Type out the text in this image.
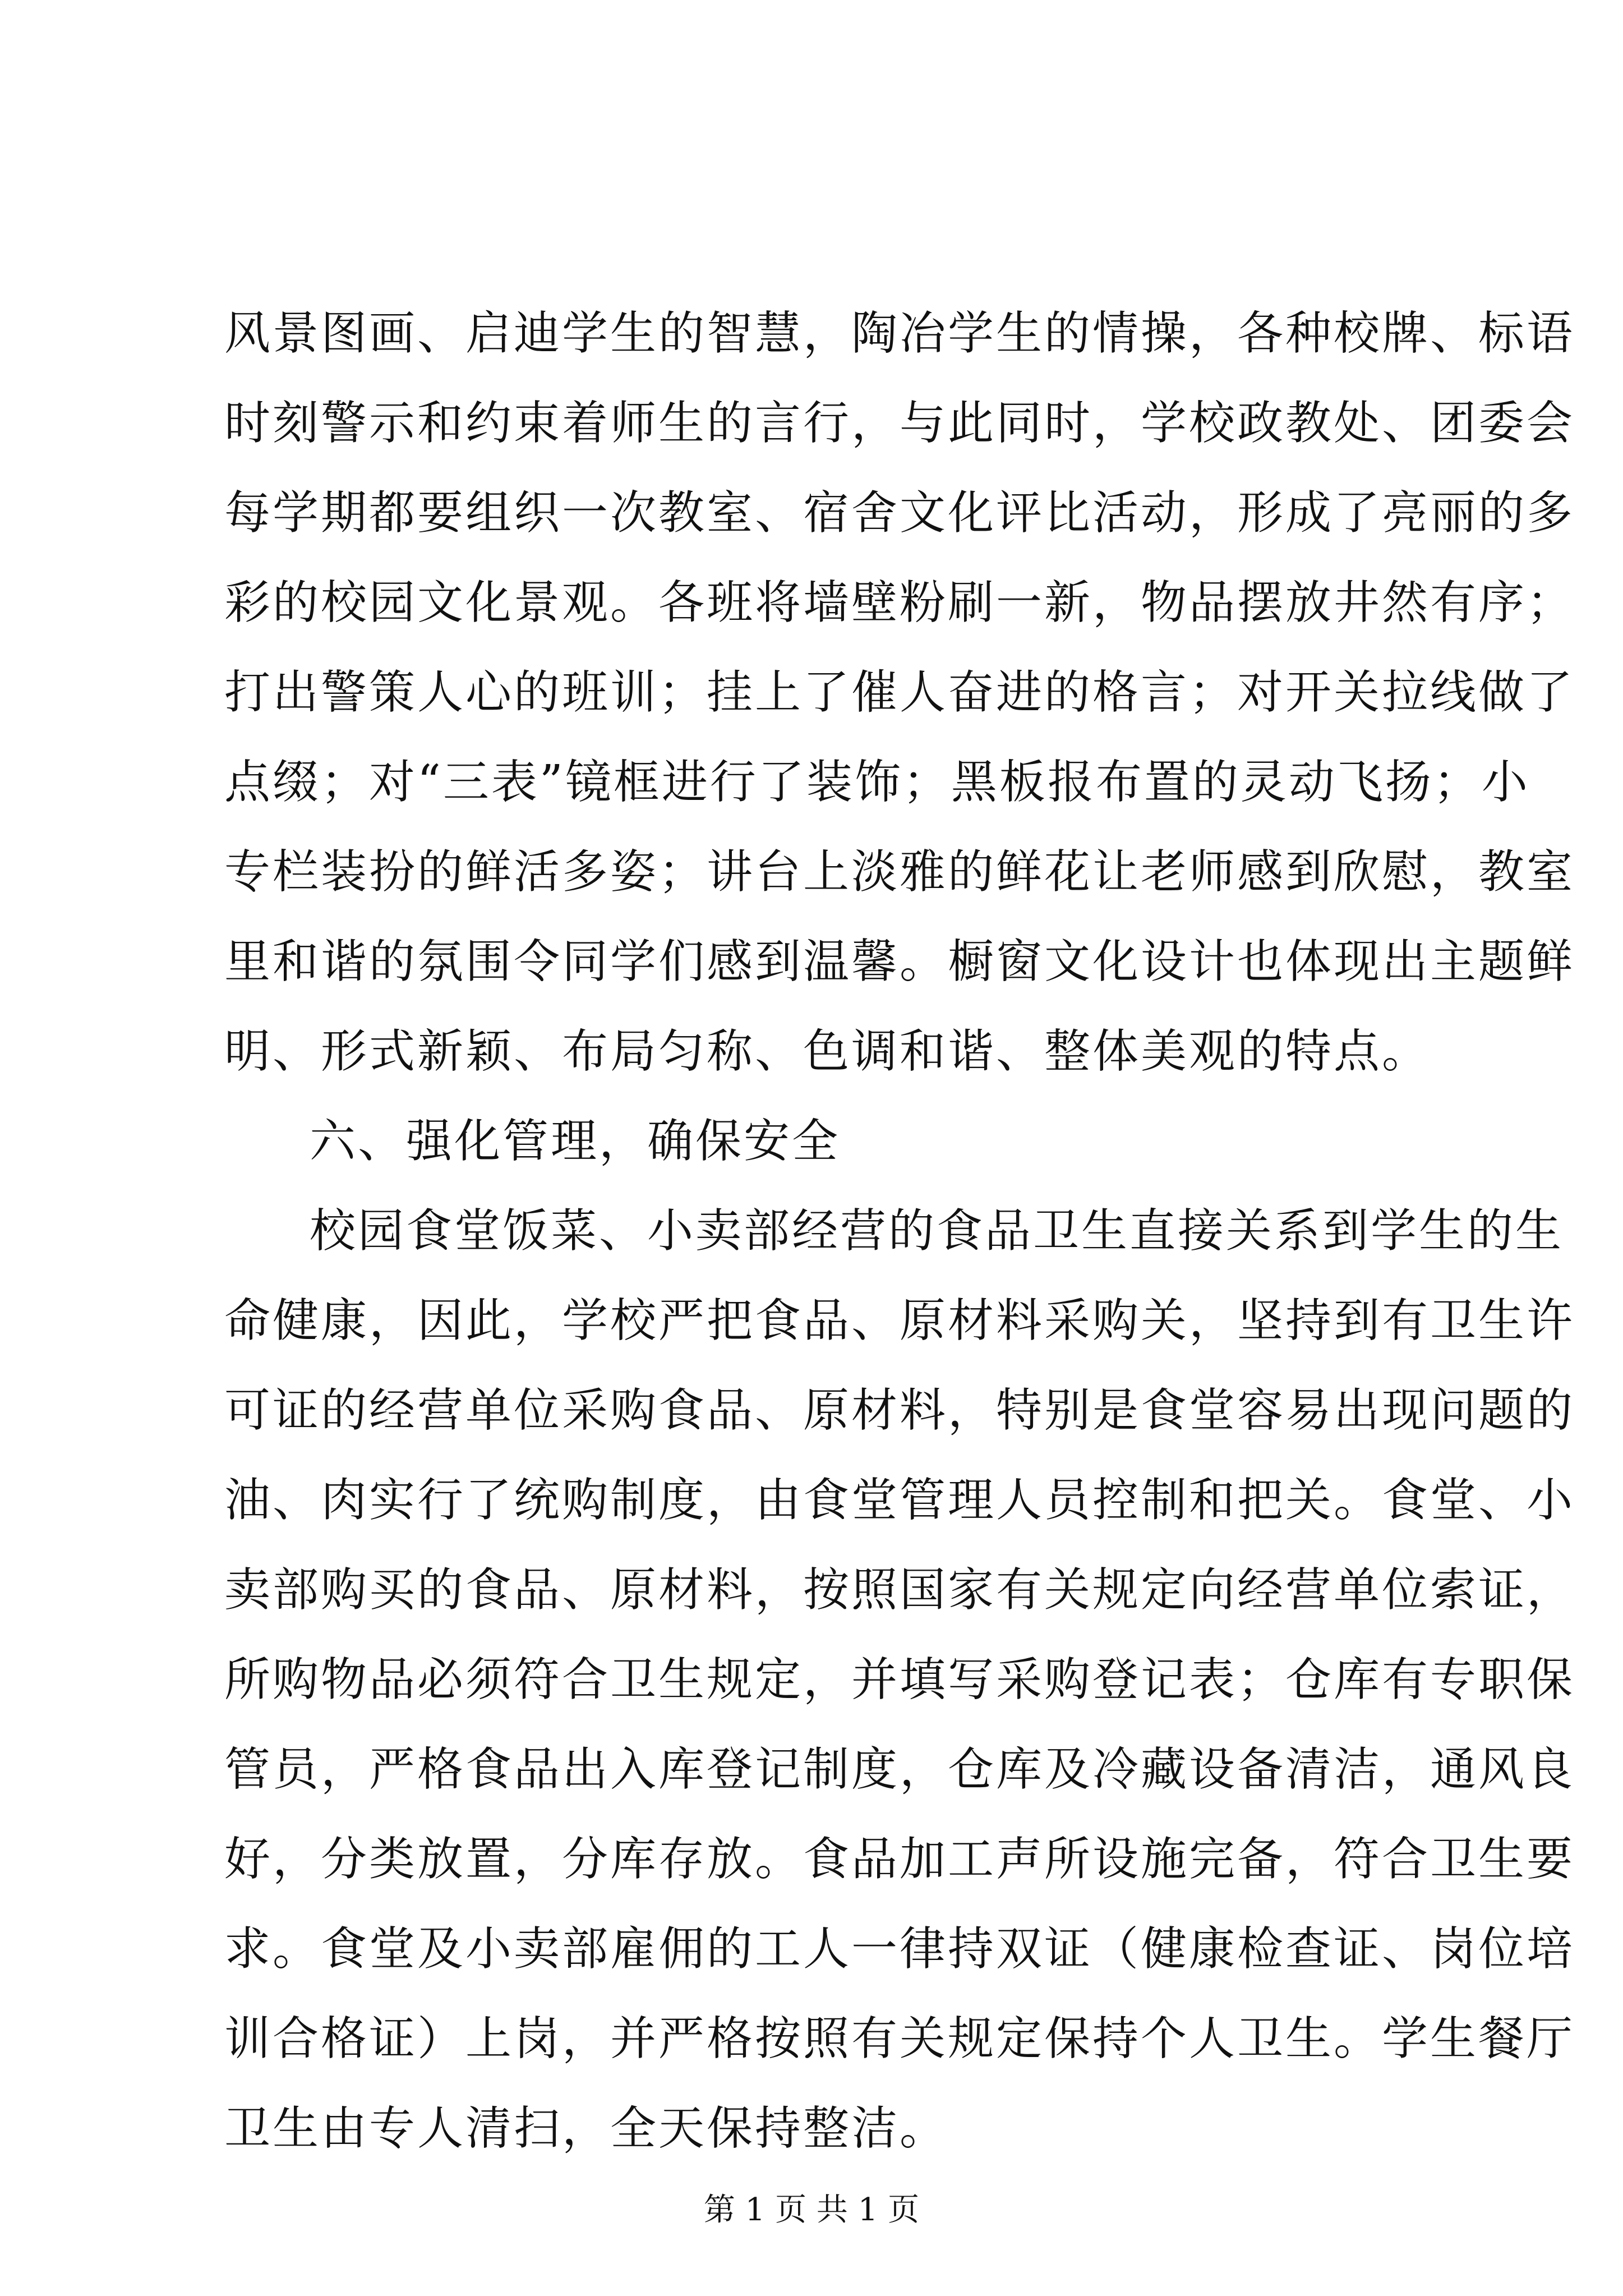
风景图画、启迪学生的智慧，陶冶学生的情操，各种校牌、标语
时刻警示和约束着师生的言行，与此同时，学校政教处、团委会
每学期都要组织一次教室、宿舍文化评比活动，形成了亮丽的多
彩的校园文化景观。各班将墙壁粉刷一新，物品摆放井然有序；
打出警策人心的班训；挂上了催人奋进的格言；对开关拉线做了
点缀；对“三表”镜框进行了装饰；黑板报布置的灵动飞扬；小
专栏装扮的鲜活多姿；讲台上淡雅的鲜花让老师感到欣慰，教室
里和谐的氛围令同学们感到温馨。橱窗文化设计也体现出主题鲜
明、形式新颖、布局匀称、色调和谐、整体美观的特点。
六、强化管理，确保安全
校园食堂饭菜、小卖部经营的食品卫生直接关系到学生的生
命健康，因此，学校严把食品、原材料采购关，坚持到有卫生许
可证的经营单位采购食品、原材料，特别是食堂容易出现问题的
油、肉实行了统购制度，由食堂管理人员控制和把关。食堂、小
卖部购买的食品、原材料，按照国家有关规定向经营单位索证，
所购物品必须符合卫生规定，并填写采购登记表；仓库有专职保
管员，严格食品出入库登记制度，仓库及冷藏设备清洁，通风良
好，分类放置，分库存放。食品加工声所设施完备，符合卫生要
求。食堂及小卖部雇佣的工人一律持双证（健康检查证、岗位培
训合格证）上岗，并严格按照有关规定保持个人卫生。学生餐厅
卫生由专人清扫，全天保持整洁。
第 1 页 共 1 页
